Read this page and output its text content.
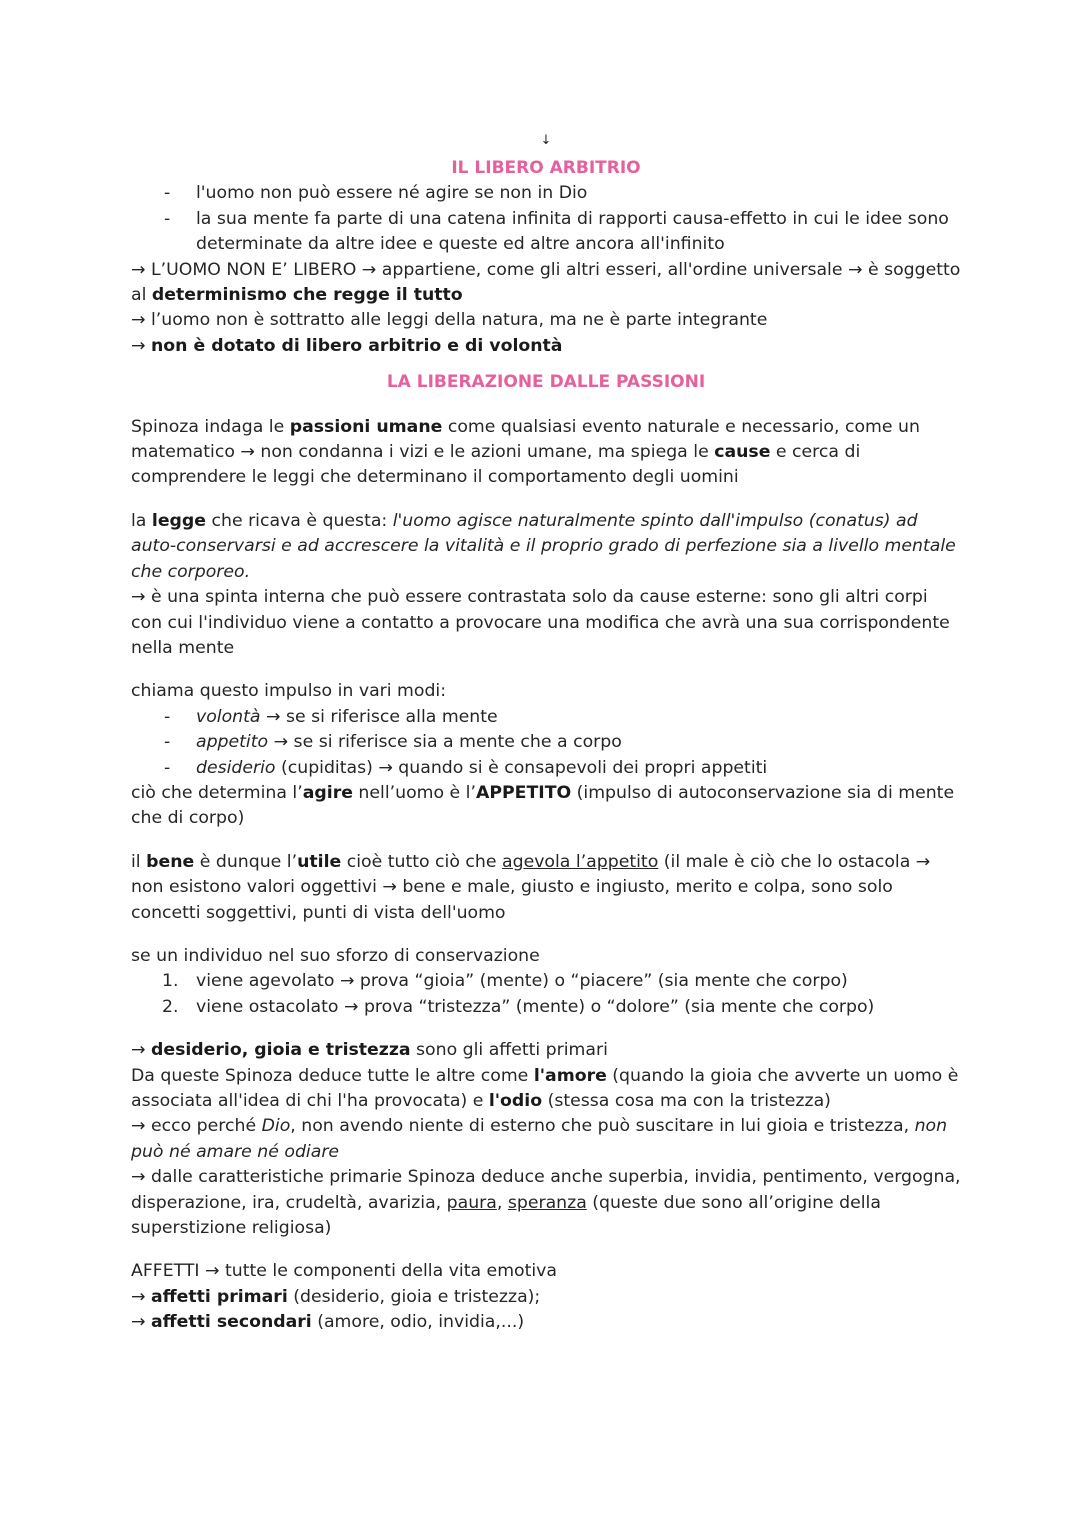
↓
IL LIBERO ARBITRIO
- l'uomo non può essere né agire se non in Dio
- la sua mente fa parte di una catena infinita di rapporti causa-effetto in cui le idee sono determinate da altre idee e queste ed altre ancora all'infinito

→ L’UOMO NON E’ LIBERO → appartiene, come gli altri esseri, all'ordine universale → è soggetto al determinismo che regge il tutto

→ l’uomo non è sottratto alle leggi della natura, ma ne è parte integrante

→ non è dotato di libero arbitrio e di volontà

LA LIBERAZIONE DALLE PASSIONI

Spinoza indaga le passioni umane come qualsiasi evento naturale e necessario, come un matematico → non condanna i vizi e le azioni umane, ma spiega le cause e cerca di comprendere le leggi che determinano il comportamento degli uomini

la legge che ricava è questa: l'uomo agisce naturalmente spinto dall'impulso (conatus) ad auto-conservarsi e ad accrescere la vitalità e il proprio grado di perfezione sia a livello mentale che corporeo.

→ è una spinta interna che può essere contrastata solo da cause esterne: sono gli altri corpi con cui l'individuo viene a contatto a provocare una modifica che avrà una sua corrispondente nella mente

chiama questo impulso in vari modi:

- volontà → se si riferisce alla mente
- appetito → se si riferisce sia a mente che a corpo
- desiderio (cupiditas) → quando si è consapevoli dei propri appetiti

ciò che determina l’agire nell’uomo è l’APPETITO (impulso di autoconservazione sia di mente che di corpo)

il bene è dunque l’utile cioè tutto ciò che agevola l’appetito (il male è ciò che lo ostacola → non esistono valori oggettivi → bene e male, giusto e ingiusto, merito e colpa, sono solo concetti soggettivi, punti di vista dell'uomo

se un individuo nel suo sforzo di conservazione

1. viene agevolato → prova “gioia” (mente) o “piacere” (sia mente che corpo)
2. viene ostacolato → prova “tristezza” (mente) o “dolore” (sia mente che corpo)

→ desiderio, gioia e tristezza sono gli affetti primari

Da queste Spinoza deduce tutte le altre come l'amore (quando la gioia che avverte un uomo è associata all'idea di chi l'ha provocata) e l'odio (stessa cosa ma con la tristezza)

→ ecco perché Dio, non avendo niente di esterno che può suscitare in lui gioia e tristezza, non può né amare né odiare

→ dalle caratteristiche primarie Spinoza deduce anche superbia, invidia, pentimento, vergogna, disperazione, ira, crudeltà, avarizia, paura, speranza (queste due sono all’origine della superstizione religiosa)

AFFETTI → tutte le componenti della vita emotiva

→ affetti primari (desiderio, gioia e tristezza);

→ affetti secondari (amore, odio, invidia,...)
